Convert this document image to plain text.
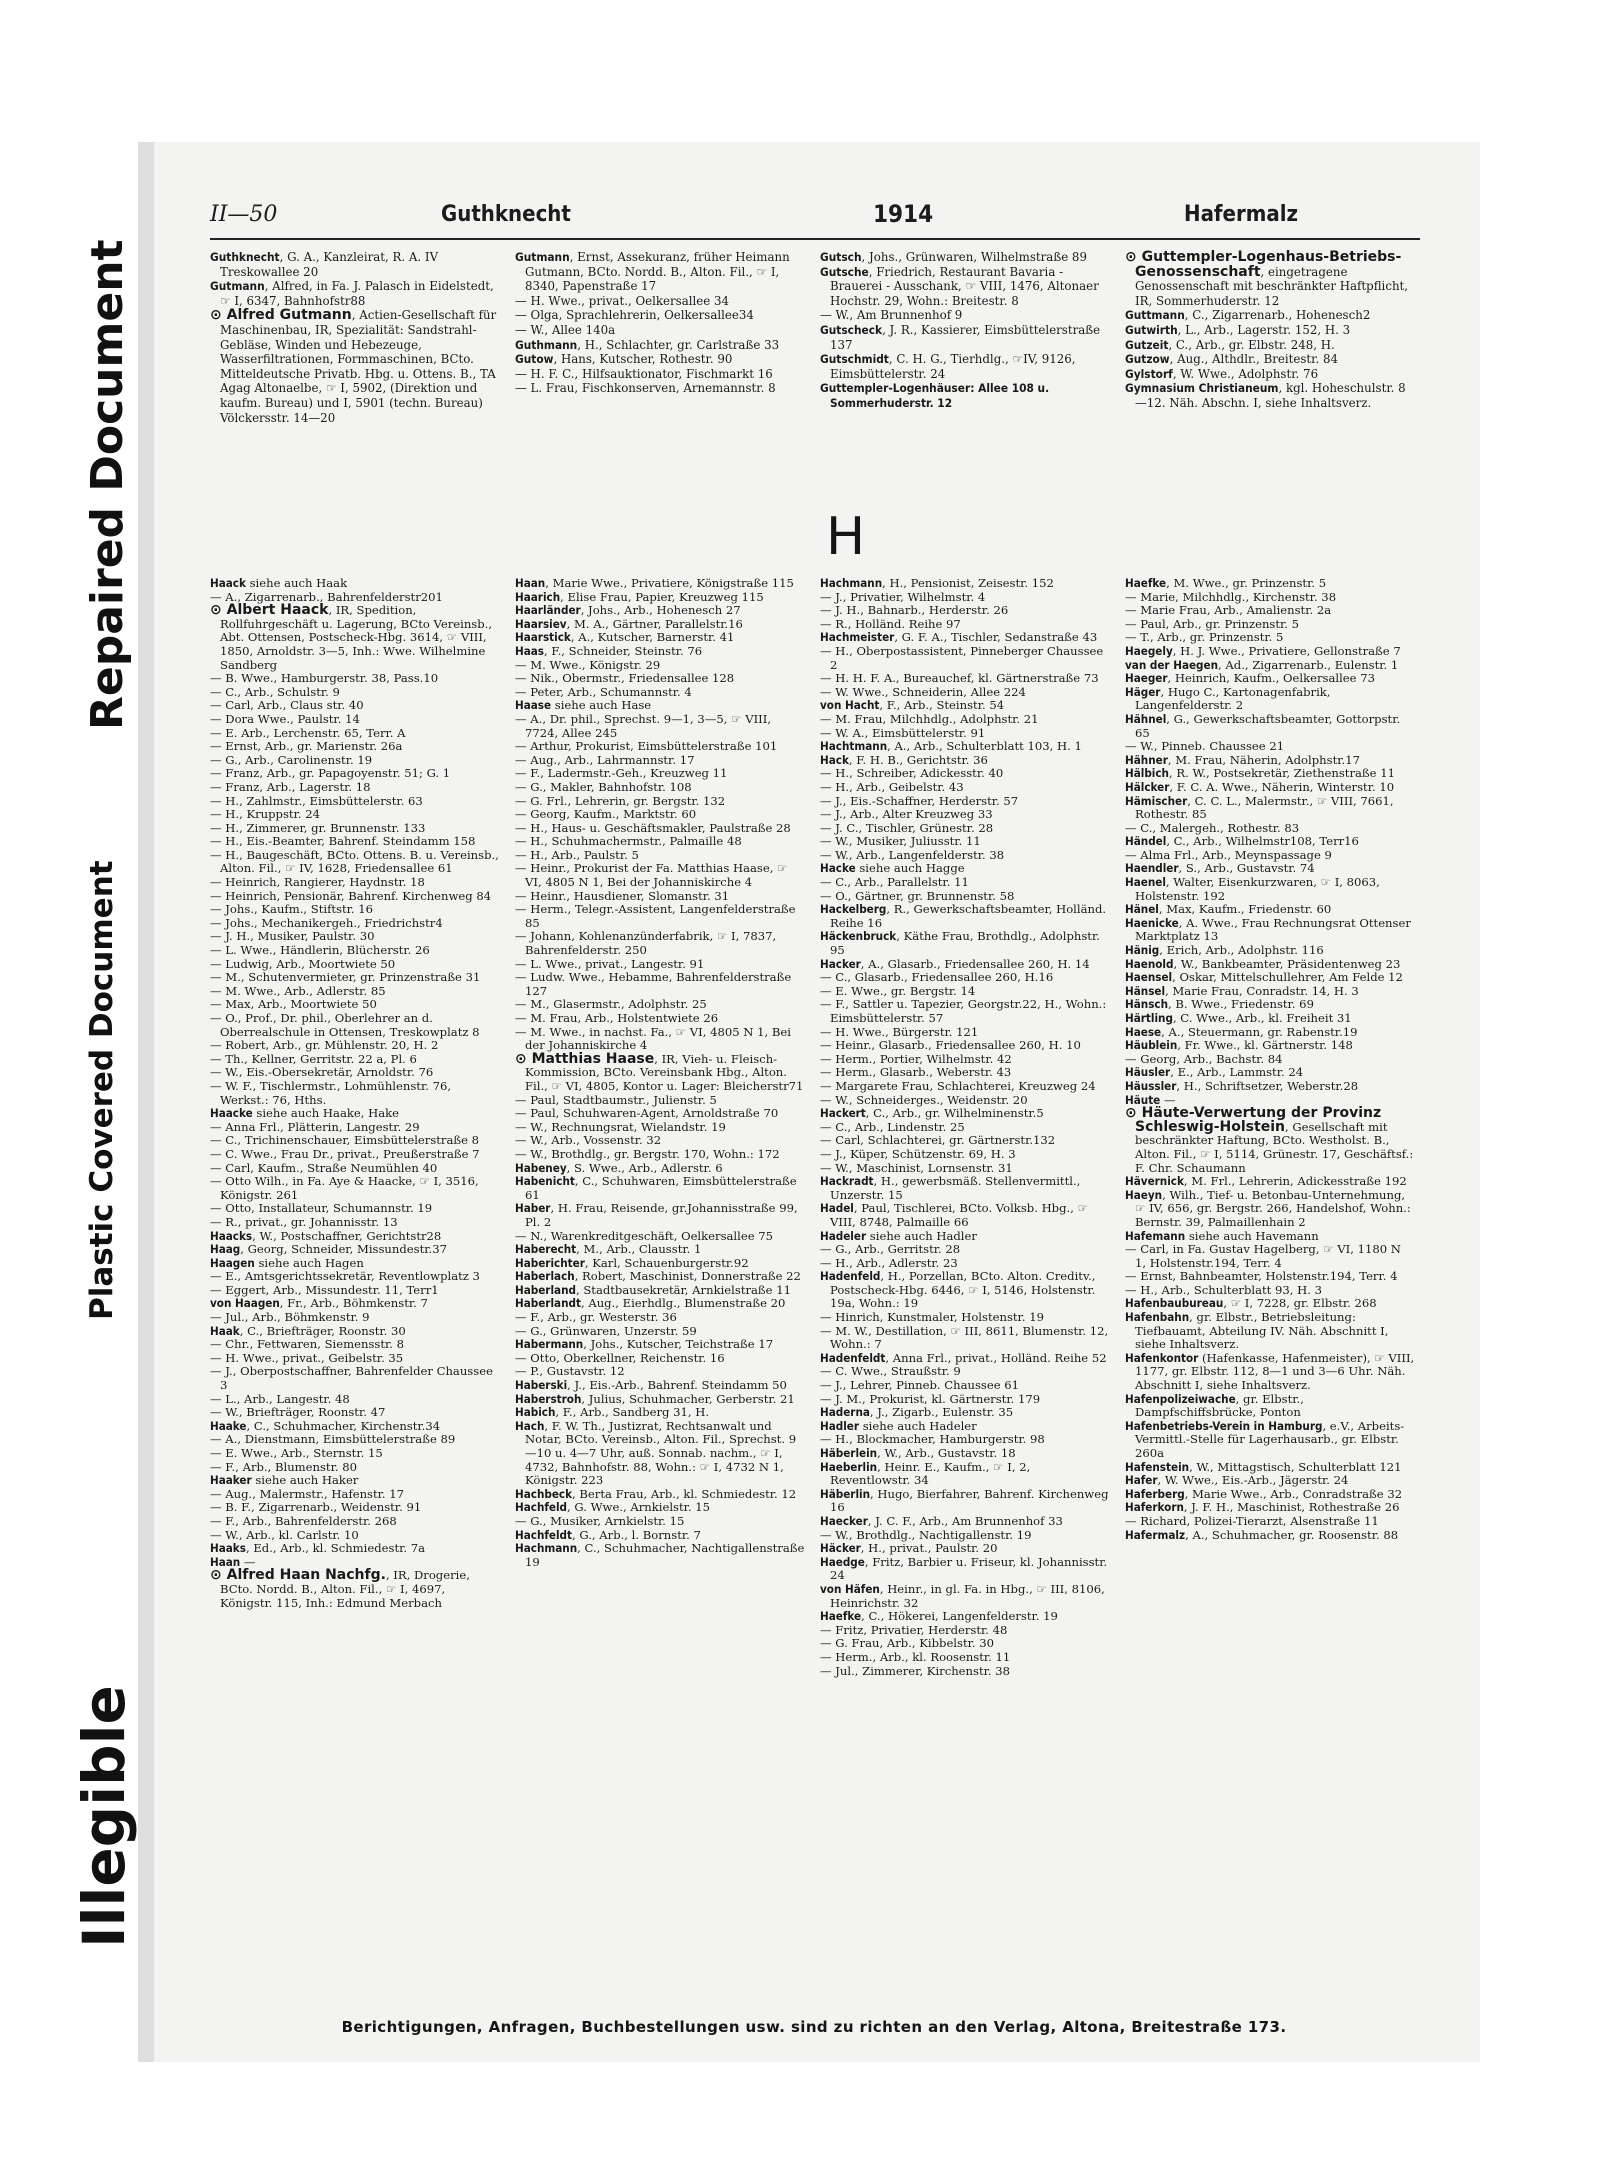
Repaired Document
Plastic Covered Document
Illegible
II—50	Guthknecht	1914	Hafermalz
Guthknecht, G. A., Kanzleirat, R. A. IV Treskowallee 20
Gutmann, Alfred, in Fa. J. Palasch in Eidelstedt, ☞ I, 6347, Bahnhofstr88
⊙ Alfred Gutmann, Actien-Gesellschaft für Maschinenbau, IR, Spezialität: Sandstrahl-Gebläse, Winden und Hebezeuge, Wasserfiltrationen, Formmaschinen, BCto. Mitteldeutsche Privatb. Hbg. u. Ottens. B., TA Agag Altonaelbe, ☞ I, 5902, (Direktion und kaufm. Bureau) und I, 5901 (techn. Bureau) Völckersstr. 14—20
Gutmann, Ernst, Assekuranz, früher Heimann Gutmann, BCto. Nordd. B., Alton. Fil., ☞ I, 8340, Papenstraße 17
— H. Wwe., privat., Oelkersallee 34
— Olga, Sprachlehrerin, Oelkersallee34
— W., Allee 140a
Guthmann, H., Schlachter, gr. Carlstraße 33
Gutow, Hans, Kutscher, Rothestr. 90
— H. F. C., Hilfsauktionator, Fischmarkt 16
— L. Frau, Fischkonserven, Arnemannstr. 8
Gutsch, Johs., Grünwaren, Wilhelmstraße 89
Gutsche, Friedrich, Restaurant Bavaria - Brauerei - Ausschank, ☞ VIII, 1476, Altonaer Hochstr. 29, Wohn.: Breitestr. 8
— W., Am Brunnenhof 9
Gutscheck, J. R., Kassierer, Eimsbüttelerstraße 137
Gutschmidt, C. H. G., Tierhdlg., ☞IV, 9126, Eimsbüttelerstr. 24
Guttempler-Logenhäuser: Allee 108 u. Sommerhuderstr. 12
⊙ Guttempler-Logenhaus-Betriebs-Genossenschaft, eingetragene Genossenschaft mit beschränkter Haftpflicht, IR, Sommerhuderstr. 12
Guttmann, C., Zigarrenarb., Hohenesch2
Gutwirth, L., Arb., Lagerstr. 152, H. 3
Gutzeit, C., Arb., gr. Elbstr. 248, H.
Gutzow, Aug., Althdlr., Breitestr. 84
Gylstorf, W. Wwe., Adolphstr. 76
Gymnasium Christianeum, kgl. Hoheschulstr. 8—12. Näh. Abschn. I, siehe Inhaltsverz.
H
Haack siehe auch Haak
— A., Zigarrenarb., Bahrenfelderstr201
⊙ Albert Haack, IR, Spedition, Rollfuhrgeschäft u. Lagerung, BCto Vereinsb., Abt. Ottensen, Postscheck-Hbg. 3614, ☞ VIII, 1850, Arnoldstr. 3—5, Inh.: Wwe. Wilhelmine Sandberg
— B. Wwe., Hamburgerstr. 38, Pass.10
— C., Arb., Schulstr. 9
— Carl, Arb., Claus str. 40
— Dora Wwe., Paulstr. 14
— E. Arb., Lerchenstr. 65, Terr. A
— Ernst, Arb., gr. Marienstr. 26a
— G., Arb., Carolinenstr. 19
— Franz, Arb., gr. Papagoyenstr. 51; G. 1
— Franz, Arb., Lagerstr. 18
— H., Zahlmstr., Eimsbüttelerstr. 63
— H., Kruppstr. 24
— H., Zimmerer, gr. Brunnenstr. 133
— H., Eis.-Beamter, Bahrenf. Steindamm 158
— H., Baugeschäft, BCto. Ottens. B. u. Vereinsb., Alton. Fil., ☞ IV, 1628, Friedensallee 61
— Heinrich, Rangierer, Haydnstr. 18
— Heinrich, Pensionär, Bahrenf. Kirchenweg 84
— Johs., Kaufm., Stiftstr. 16
— Johs., Mechanikergeh., Friedrichstr4
— J. H., Musiker, Paulstr. 30
— L. Wwe., Händlerin, Blücherstr. 26
— Ludwig, Arb., Moortwiete 50
— M., Schutenvermieter, gr. Prinzenstraße 31
— M. Wwe., Arb., Adlerstr. 85
— Max, Arb., Moortwiete 50
— O., Prof., Dr. phil., Oberlehrer an d. Oberrealschule in Ottensen, Treskowplatz 8
— Robert, Arb., gr. Mühlenstr. 20, H. 2
— Th., Kellner, Gerritstr. 22 a, Pl. 6
— W., Eis.-Obersekretär, Arnoldstr. 76
— W. F., Tischlermstr., Lohmühlenstr. 76, Werkst.: 76, Hths.
Haacke siehe auch Haake, Hake
— Anna Frl., Plätterin, Langestr. 29
— C., Trichinenschauer, Eimsbüttelerstraße 8
— C. Wwe., Frau Dr., privat., Preußerstraße 7
— Carl, Kaufm., Straße Neumühlen 40
— Otto Wilh., in Fa. Aye & Haacke, ☞ I, 3516, Königstr. 261
— Otto, Installateur, Schumannstr. 19
— R., privat., gr. Johannisstr. 13
Haacks, W., Postschaffner, Gerichtstr28
Haag, Georg, Schneider, Missundestr.37
Haagen siehe auch Hagen
— E., Amtsgerichtssekretär, Reventlowplatz 3
— Eggert, Arb., Missundestr. 11, Terr1
von Haagen, Fr., Arb., Böhmkenstr. 7
— Jul., Arb., Böhmkenstr. 9
Haak, C., Briefträger, Roonstr. 30
— Chr., Fettwaren, Siemensstr. 8
— H. Wwe., privat., Geibelstr. 35
— J., Oberpostschaffner, Bahrenfelder Chaussee 3
— L., Arb., Langestr. 48
— W., Briefträger, Roonstr. 47
Haake, C., Schuhmacher, Kirchenstr.34
— A., Dienstmann, Eimsbüttelerstraße 89
— E. Wwe., Arb., Sternstr. 15
— F., Arb., Blumenstr. 80
Haaker siehe auch Haker
— Aug., Malermstr., Hafenstr. 17
— B. F., Zigarrenarb., Weidenstr. 91
— F., Arb., Bahrenfelderstr. 268
— W., Arb., kl. Carlstr. 10
Haaks, Ed., Arb., kl. Schmiedestr. 7a
Haan —
⊙ Alfred Haan Nachfg., IR, Drogerie, BCto. Nordd. B., Alton. Fil., ☞ I, 4697, Königstr. 115, Inh.: Edmund Merbach
Haan, Marie Wwe., Privatiere, Königstraße 115
Haarich, Elise Frau, Papier, Kreuzweg 115
Haarländer, Johs., Arb., Hohenesch 27
Haarsiev, M. A., Gärtner, Parallelstr.16
Haarstick, A., Kutscher, Barnerstr. 41
Haas, F., Schneider, Steinstr. 76
— M. Wwe., Königstr. 29
— Nik., Obermstr., Friedensallee 128
— Peter, Arb., Schumannstr. 4
Haase siehe auch Hase
— A., Dr. phil., Sprechst. 9—1, 3—5, ☞ VIII, 7724, Allee 245
— Arthur, Prokurist, Eimsbüttelerstraße 101
— Aug., Arb., Lahrmannstr. 17
— F., Ladermstr.-Geh., Kreuzweg 11
— G., Makler, Bahnhofstr. 108
— G. Frl., Lehrerin, gr. Bergstr. 132
— Georg, Kaufm., Marktstr. 60
— H., Haus- u. Geschäftsmakler, Paulstraße 28
— H., Schuhmachermstr., Palmaille 48
— H., Arb., Paulstr. 5
— Heinr., Prokurist der Fa. Matthias Haase, ☞ VI, 4805 N 1, Bei der Johanniskirche 4
— Heinr., Hausdiener, Slomanstr. 31
— Herm., Telegr.-Assistent, Langenfelderstraße 85
— Johann, Kohlenanzünderfabrik, ☞ I, 7837, Bahrenfelderstr. 250
— L. Wwe., privat., Langestr. 91
— Ludw. Wwe., Hebamme, Bahrenfelderstraße 127
— M., Glasermstr., Adolphstr. 25
— M. Frau, Arb., Holstentwiete 26
— M. Wwe., in nachst. Fa., ☞ VI, 4805 N 1, Bei der Johanniskirche 4
⊙ Matthias Haase, IR, Vieh- u. Fleisch-Kommission, BCto. Vereinsbank Hbg., Alton. Fil., ☞ VI, 4805, Kontor u. Lager: Bleicherstr71
— Paul, Stadtbaumstr., Julienstr. 5
— Paul, Schuhwaren-Agent, Arnoldstraße 70
— W., Rechnungsrat, Wielandstr. 19
— W., Arb., Vossenstr. 32
— W., Brothdlg., gr. Bergstr. 170, Wohn.: 172
Habeney, S. Wwe., Arb., Adlerstr. 6
Habenicht, C., Schuhwaren, Eimsbüttelerstraße 61
Haber, H. Frau, Reisende, gr.Johannisstraße 99, Pl. 2
— N., Warenkreditgeschäft, Oelkersallee 75
Haberecht, M., Arb., Clausstr. 1
Haberichter, Karl, Schauenburgerstr.92
Haberlach, Robert, Maschinist, Donnerstraße 22
Haberland, Stadtbausekretär, Arnkielstraße 11
Haberlandt, Aug., Eierhdlg., Blumenstraße 20
— F., Arb., gr. Westerstr. 36
— G., Grünwaren, Unzerstr. 59
Habermann, Johs., Kutscher, Teichstraße 17
— Otto, Oberkellner, Reichenstr. 16
— P., Gustavstr. 12
Haberski, J., Eis.-Arb., Bahrenf. Steindamm 50
Haberstroh, Julius, Schuhmacher, Gerberstr. 21
Habich, F., Arb., Sandberg 31, H.
Hach, F. W. Th., Justizrat, Rechtsanwalt und Notar, BCto. Vereinsb., Alton. Fil., Sprechst. 9—10 u. 4—7 Uhr, auß. Sonnab. nachm., ☞ I, 4732, Bahnhofstr. 88, Wohn.: ☞ I, 4732 N 1, Königstr. 223
Hachbeck, Berta Frau, Arb., kl. Schmiedestr. 12
Hachfeld, G. Wwe., Arnkielstr. 15
— G., Musiker, Arnkielstr. 15
Hachfeldt, G., Arb., l. Bornstr. 7
Hachmann, C., Schuhmacher, Nachtigallenstraße 19
Hachmann, H., Pensionist, Zeisestr. 152
— J., Privatier, Wilhelmstr. 4
— J. H., Bahnarb., Herderstr. 26
— R., Holländ. Reihe 97
Hachmeister, G. F. A., Tischler, Sedanstraße 43
— H., Oberpostassistent, Pinneberger Chaussee 2
— H. H. F. A., Bureauchef, kl. Gärtnerstraße 73
— W. Wwe., Schneiderin, Allee 224
von Hacht, F., Arb., Steinstr. 54
— M. Frau, Milchhdlg., Adolphstr. 21
— W. A., Eimsbüttelerstr. 91
Hachtmann, A., Arb., Schulterblatt 103, H. 1
Hack, F. H. B., Gerichtstr. 36
— H., Schreiber, Adickesstr. 40
— H., Arb., Geibelstr. 43
— J., Eis.-Schaffner, Herderstr. 57
— J., Arb., Alter Kreuzweg 33
— J. C., Tischler, Grünestr. 28
— W., Musiker, Juliusstr. 11
— W., Arb., Langenfelderstr. 38
Hacke siehe auch Hagge
— C., Arb., Parallelstr. 11
— O., Gärtner, gr. Brunnenstr. 58
Hackelberg, R., Gewerkschaftsbeamter, Holländ. Reihe 16
Häckenbruck, Käthe Frau, Brothdlg., Adolphstr. 95
Hacker, A., Glasarb., Friedensallee 260, H. 14
— C., Glasarb., Friedensallee 260, H.16
— E. Wwe., gr. Bergstr. 14
— F., Sattler u. Tapezier, Georgstr.22, H., Wohn.: Eimsbüttelerstr. 57
— H. Wwe., Bürgerstr. 121
— Heinr., Glasarb., Friedensallee 260, H. 10
— Herm., Portier, Wilhelmstr. 42
— Herm., Glasarb., Weberstr. 43
— Margarete Frau, Schlachterei, Kreuzweg 24
— W., Schneiderges., Weidenstr. 20
Hackert, C., Arb., gr. Wilhelminenstr.5
— C., Arb., Lindenstr. 25
— Carl, Schlachterei, gr. Gärtnerstr.132
— J., Küper, Schützenstr. 69, H. 3
— W., Maschinist, Lornsenstr. 31
Hackradt, H., gewerbsmäß. Stellenvermittl., Unzerstr. 15
Hadel, Paul, Tischlerei, BCto. Volksb. Hbg., ☞ VIII, 8748, Palmaille 66
Hadeler siehe auch Hadler
— G., Arb., Gerritstr. 28
— H., Arb., Adlerstr. 23
Hadenfeld, H., Porzellan, BCto. Alton. Creditv., Postscheck-Hbg. 6446, ☞ I, 5146, Holstenstr. 19a, Wohn.: 19
— Hinrich, Kunstmaler, Holstenstr. 19
— M. W., Destillation, ☞ III, 8611, Blumenstr. 12, Wohn.: 7
Hadenfeldt, Anna Frl., privat., Holländ. Reihe 52
— C. Wwe., Straußstr. 9
— J., Lehrer, Pinneb. Chaussee 61
— J. M., Prokurist, kl. Gärtnerstr. 179
Haderna, J., Zigarb., Eulenstr. 35
Hadler siehe auch Hadeler
— H., Blockmacher, Hamburgerstr. 98
Häberlein, W., Arb., Gustavstr. 18
Haeberlin, Heinr. E., Kaufm., ☞ I, 2, Reventlowstr. 34
Häberlin, Hugo, Bierfahrer, Bahrenf. Kirchenweg 16
Haecker, J. C. F., Arb., Am Brunnenhof 33
— W., Brothdlg., Nachtigallenstr. 19
Häcker, H., privat., Paulstr. 20
Haedge, Fritz, Barbier u. Friseur, kl. Johannisstr. 24
von Häfen, Heinr., in gl. Fa. in Hbg., ☞ III, 8106, Heinrichstr. 32
Haefke, C., Hökerei, Langenfelderstr. 19
— Fritz, Privatier, Herderstr. 48
— G. Frau, Arb., Kibbelstr. 30
— Herm., Arb., kl. Roosenstr. 11
— Jul., Zimmerer, Kirchenstr. 38
Haefke, M. Wwe., gr. Prinzenstr. 5
— Marie, Milchhdlg., Kirchenstr. 38
— Marie Frau, Arb., Amalienstr. 2a
— Paul, Arb., gr. Prinzenstr. 5
— T., Arb., gr. Prinzenstr. 5
Haegely, H. J. Wwe., Privatiere, Gellonstraße 7
van der Haegen, Ad., Zigarrenarb., Eulenstr. 1
Haeger, Heinrich, Kaufm., Oelkersallee 73
Häger, Hugo C., Kartonagenfabrik, Langenfelderstr. 2
Hähnel, G., Gewerkschaftsbeamter, Gottorpstr. 65
— W., Pinneb. Chaussee 21
Hähner, M. Frau, Näherin, Adolphstr.17
Hälbich, R. W., Postsekretär, Ziethenstraße 11
Hälcker, F. C. A. Wwe., Näherin, Winterstr. 10
Hämischer, C. C. L., Malermstr., ☞ VIII, 7661, Rothestr. 85
— C., Malergeh., Rothestr. 83
Händel, C., Arb., Wilhelmstr108, Terr16
— Alma Frl., Arb., Meynspassage 9
Haendler, S., Arb., Gustavstr. 74
Haenel, Walter, Eisenkurzwaren, ☞ I, 8063, Holstenstr. 192
Hänel, Max, Kaufm., Friedenstr. 60
Haenicke, A. Wwe., Frau Rechnungsrat Ottenser Marktplatz 13
Hänig, Erich, Arb., Adolphstr. 116
Haenold, W., Bankbeamter, Präsidentenweg 23
Haensel, Oskar, Mittelschullehrer, Am Felde 12
Hänsel, Marie Frau, Conradstr. 14, H. 3
Hänsch, B. Wwe., Friedenstr. 69
Härtling, C. Wwe., Arb., kl. Freiheit 31
Haese, A., Steuermann, gr. Rabenstr.19
Häublein, Fr. Wwe., kl. Gärtnerstr. 148
— Georg, Arb., Bachstr. 84
Häusler, E., Arb., Lammstr. 24
Häussler, H., Schriftsetzer, Weberstr.28
Häute —
⊙ Häute-Verwertung der Provinz Schleswig-Holstein, Gesellschaft mit beschränkter Haftung, BCto. Westholst. B., Alton. Fil., ☞ I, 5114, Grünestr. 17, Geschäftsf.: F. Chr. Schaumann
Hävernick, M. Frl., Lehrerin, Adickesstraße 192
Haeyn, Wilh., Tief- u. Betonbau-Unternehmung, ☞ IV, 656, gr. Bergstr. 266, Handelshof, Wohn.: Bernstr. 39, Palmaillenhain 2
Hafemann siehe auch Havemann
— Carl, in Fa. Gustav Hagelberg, ☞ VI, 1180 N 1, Holstenstr.194, Terr. 4
— Ernst, Bahnbeamter, Holstenstr.194, Terr. 4
— H., Arb., Schulterblatt 93, H. 3
Hafenbaubureau, ☞ I, 7228, gr. Elbstr. 268
Hafenbahn, gr. Elbstr., Betriebsleitung: Tiefbauamt, Abteilung IV. Näh. Abschnitt I, siehe Inhaltsverz.
Hafenkontor (Hafenkasse, Hafenmeister), ☞ VIII, 1177, gr. Elbstr. 112, 8—1 und 3—6 Uhr. Näh. Abschnitt I, siehe Inhaltsverz.
Hafenpolizeiwache, gr. Elbstr., Dampfschiffsbrücke, Ponton
Hafenbetriebs-Verein in Hamburg, e.V., Arbeits-Vermittl.-Stelle für Lagerhausarb., gr. Elbstr. 260a
Hafenstein, W., Mittagstisch, Schulterblatt 121
Hafer, W. Wwe., Eis.-Arb., Jägerstr. 24
Haferberg, Marie Wwe., Arb., Conradstraße 32
Haferkorn, J. F. H., Maschinist, Rothestraße 26
— Richard, Polizei-Tierarzt, Alsenstraße 11
Hafermalz, A., Schuhmacher, gr. Roosenstr. 88
Berichtigungen, Anfragen, Buchbestellungen usw. sind zu richten an den Verlag, Altona, Breitestraße 173.
